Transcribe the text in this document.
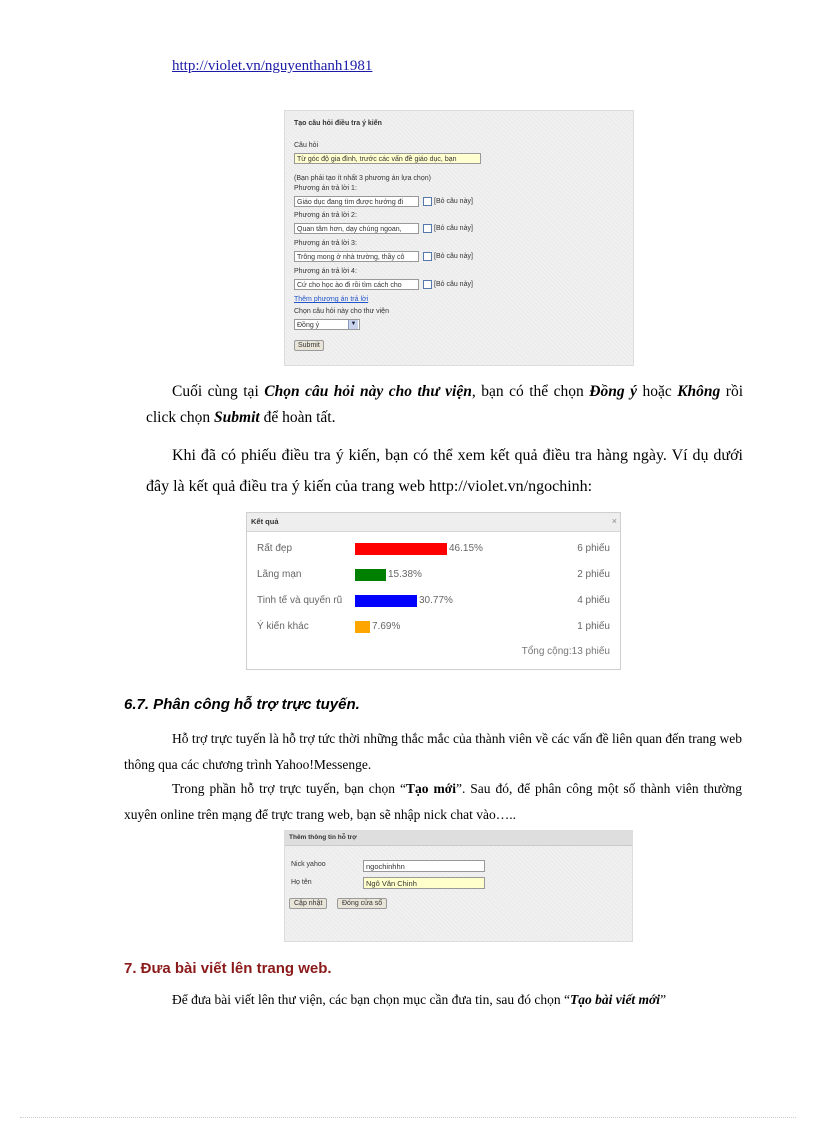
http://violet.vn/nguyenthanh1981
Tạo câu hỏi điều tra ý kiến
Câu hỏi
Từ góc độ gia đình, trước các vấn đề giáo dục, bạn
(Bạn phải tạo ít nhất 3 phương án lựa chọn)
Phương án trả lời 1:
Giáo dục đang tìm được hướng đi	[Bỏ câu này]
Phương án trả lời 2:
Quan tâm hơn, dạy chúng ngoan,	[Bỏ câu này]
Phương án trả lời 3:
Trông mong ở nhà trường, thầy cô	[Bỏ câu này]
Phương án trả lời 4:
Cứ cho học ào đi rồi tìm cách cho	[Bỏ câu này]
Thêm phương án trả lời
Chọn câu hỏi này cho thư viện
Đồng ý	▼
Submit
Cuối cùng tại Chọn câu hỏi này cho thư viện, bạn có thể chọn Đồng ý hoặc Không rồi click chọn Submit để hoàn tất.
Khi đã có phiếu điều tra ý kiến, bạn có thể xem kết quả điều tra hàng ngày. Ví dụ dưới đây là kết quả điều tra ý kiến của trang web http://violet.vn/ngochinh:
Kết quả	×
Rất đẹp	46.15%	6 phiếu
Lãng mạn	15.38%	2 phiếu
Tinh tế và quyến rũ	30.77%	4 phiếu
Ý kiến khác	7.69%	1 phiếu
Tổng cộng:13 phiếu
6.7. Phân công hỗ trợ trực tuyến.
Hỗ trợ trực tuyến là hỗ trợ tức thời những thắc mắc của thành viên về các vấn đề liên quan đến trang web thông qua các chương trình Yahoo!Messenge.
Trong phần hỗ trợ trực tuyến, bạn chọn “Tạo mới”. Sau đó, để phân công một số thành viên thường xuyên online trên mạng để trực trang web, bạn sẽ nhập nick chat vào…..
Thêm thông tin hỗ trợ
Nick yahoo	ngochinhhn
Họ tên	Ngô Văn Chinh
Cập nhật	Đóng cửa sổ
7. Đưa bài viết lên trang web.
Để đưa bài viết lên thư viện, các bạn chọn mục cần đưa tin, sau đó chọn “Tạo bài viết mới”
